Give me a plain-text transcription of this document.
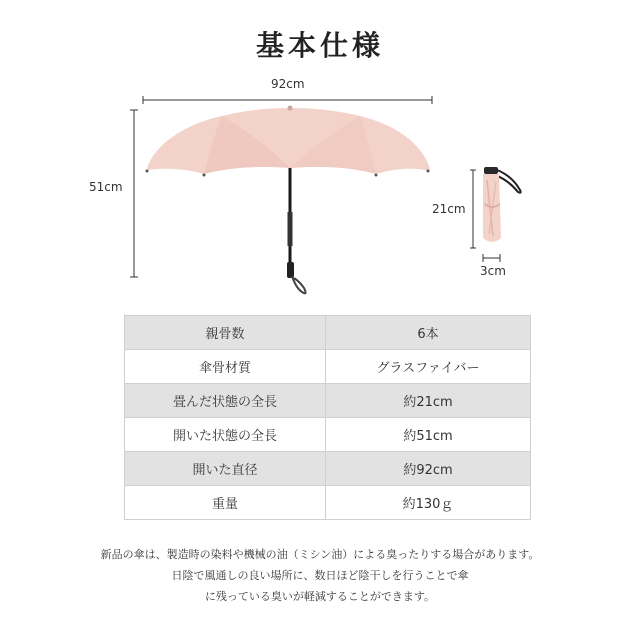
基本仕様
92cm
51cm
21cm
3cm
親骨数	6本
傘骨材質	グラスファイバー
畳んだ状態の全長	約21cm
開いた状態の全長	約51cm
開いた直径	約92cm
重量	約130ｇ
新品の傘は、製造時の染料や機械の油（ミシン油）による臭ったりする場合があります。
日陰で風通しの良い場所に、数日ほど陰干しを行うことで傘
に残っている臭いが軽減することができます。
